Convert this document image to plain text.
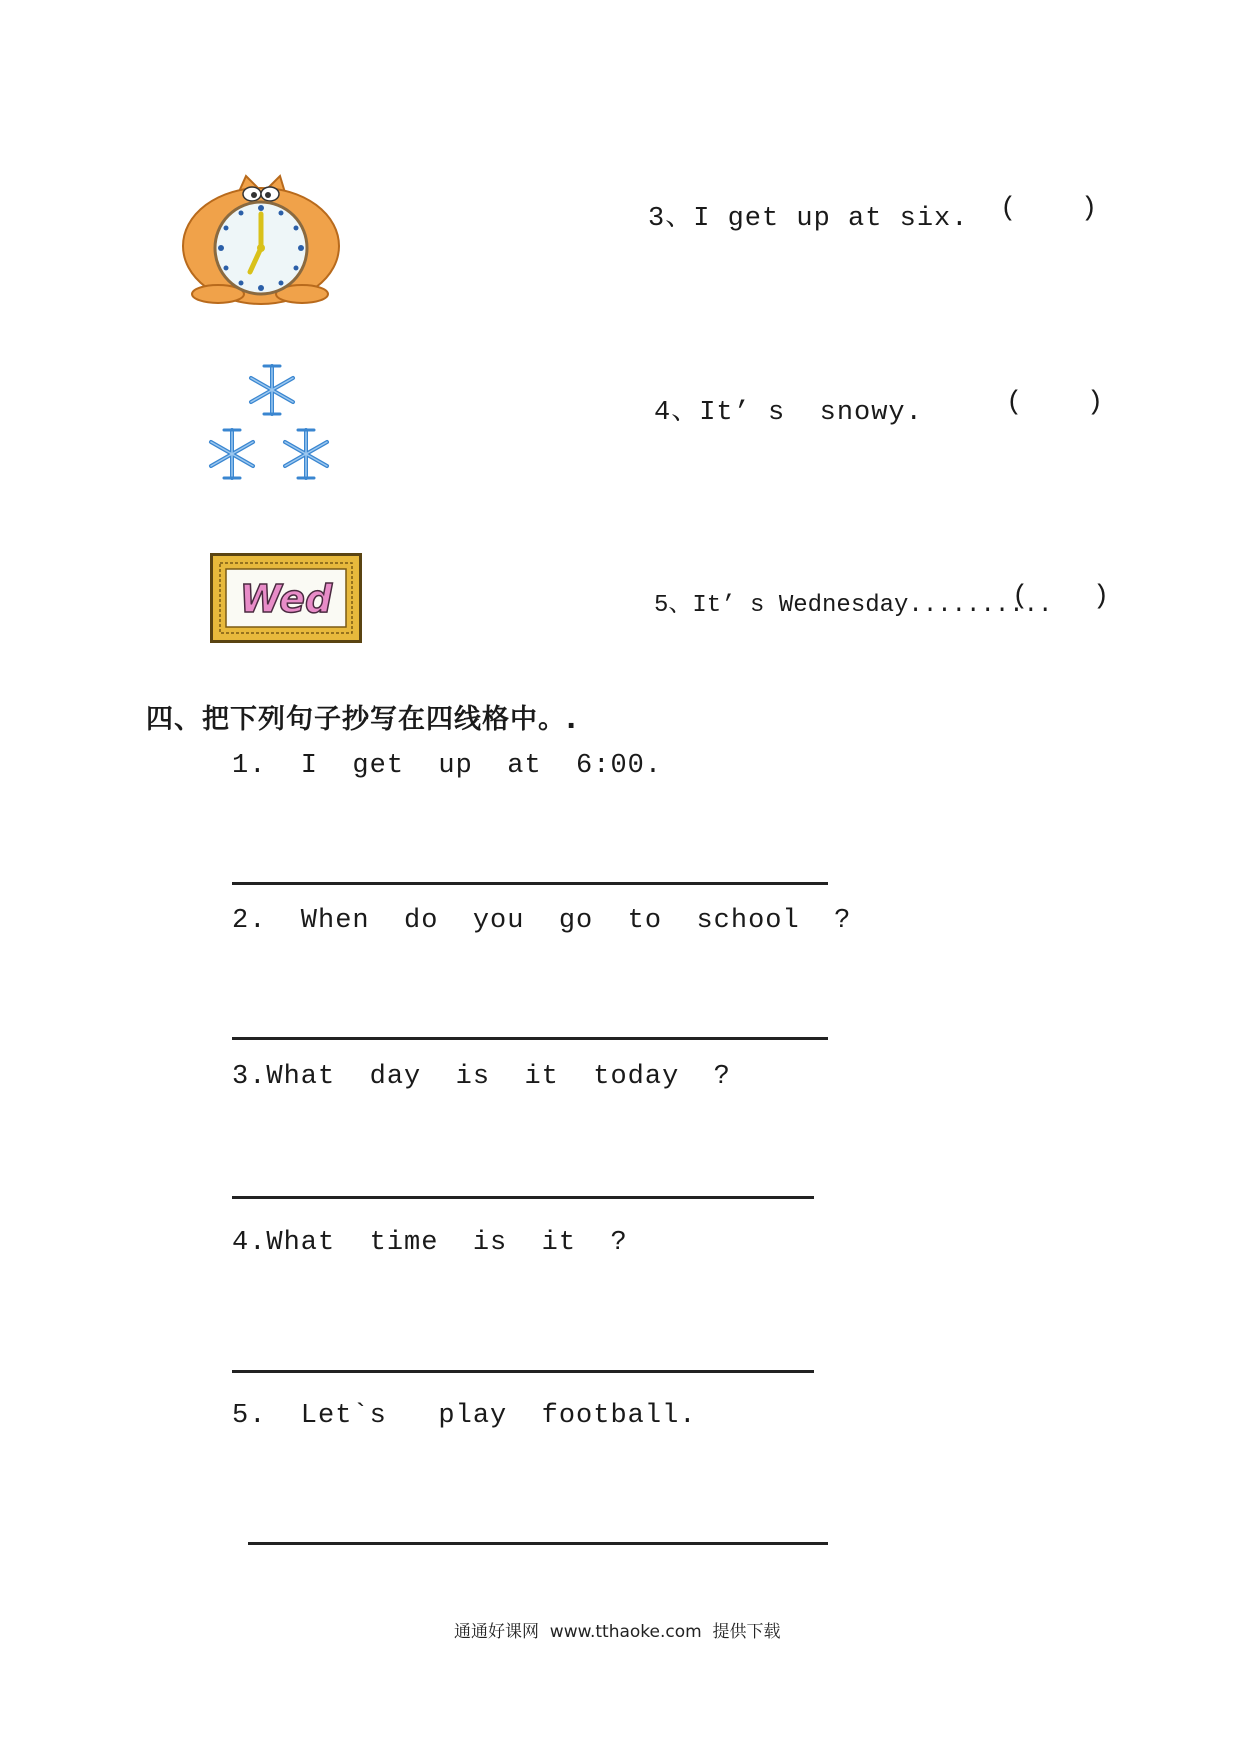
Wed
3、I get up at six. (    )
4、It’ s  snowy.	(    )
5、It’ s Wednesday..........
(    )
四、把下列句子抄写在四线格中。.
1.  I  get  up  at  6:00.
2.  When  do  you  go  to  school  ?
3.What  day  is  it  today  ?
4.What  time  is  it  ?
5.  Let`s   play  football.
通通好课网  www.tthaoke.com  提供下载
